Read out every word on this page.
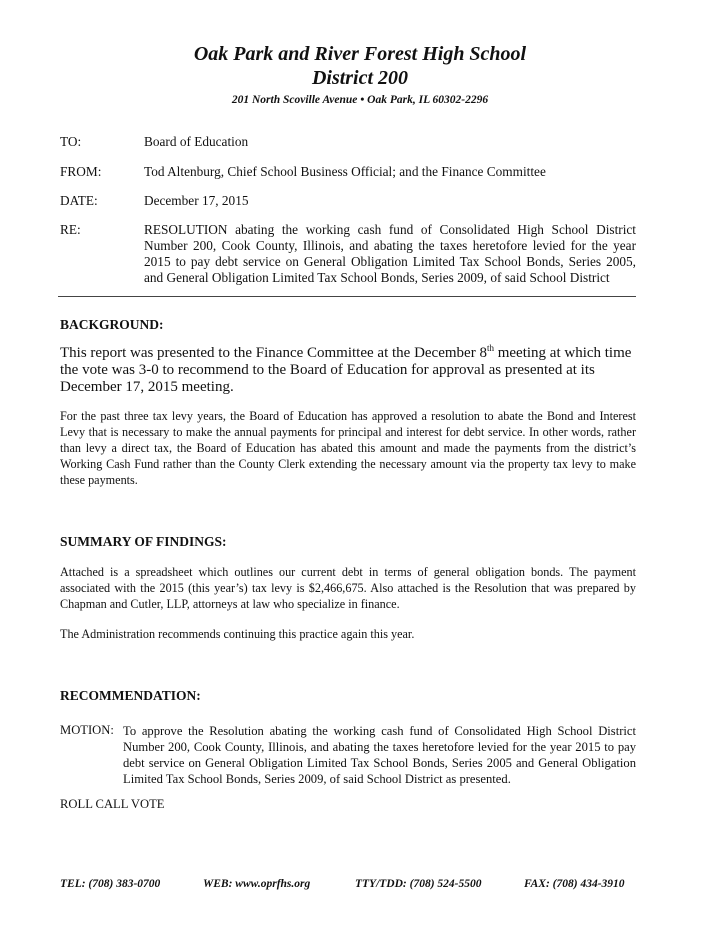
Oak Park and River Forest High School
District 200
201 North Scoville Avenue • Oak Park, IL 60302-2296
TO:	Board of Education
FROM:	Tod Altenburg, Chief School Business Official; and the Finance Committee
DATE:	December 17, 2015
RE:	RESOLUTION abating the working cash fund of Consolidated High School District Number 200, Cook County, Illinois, and abating the taxes heretofore levied for the year 2015 to pay debt service on General Obligation Limited Tax School Bonds, Series 2005, and General Obligation Limited Tax School Bonds, Series 2009, of said School District
BACKGROUND:
This report was presented to the Finance Committee at the December 8th meeting at which time the vote was 3-0 to recommend to the Board of Education for approval as presented at its
December 17, 2015 meeting.
For the past three tax levy years, the Board of Education has approved a resolution to abate the Bond and Interest Levy that is necessary to make the annual payments for principal and interest for debt service. In other words, rather than levy a direct tax, the Board of Education has abated this amount and made the payments from the district’s Working Cash Fund rather than the County Clerk extending the necessary amount via the property tax levy to make these payments.
SUMMARY OF FINDINGS:
Attached is a spreadsheet which outlines our current debt in terms of general obligation bonds. The payment associated with the 2015 (this year’s) tax levy is $2,466,675. Also attached is the Resolution that was prepared by Chapman and Cutler, LLP, attorneys at law who specialize in finance.
The Administration recommends continuing this practice again this year.
RECOMMENDATION:
MOTION: To approve the Resolution abating the working cash fund of Consolidated High School District Number 200, Cook County, Illinois, and abating the taxes heretofore levied for the year 2015 to pay debt service on General Obligation Limited Tax School Bonds, Series 2005 and General Obligation Limited Tax School Bonds, Series 2009, of said School District as presented.
ROLL CALL VOTE
TEL: (708) 383-0700	WEB: www.oprfhs.org	TTY/TDD: (708) 524-5500	FAX: (708) 434-3910
